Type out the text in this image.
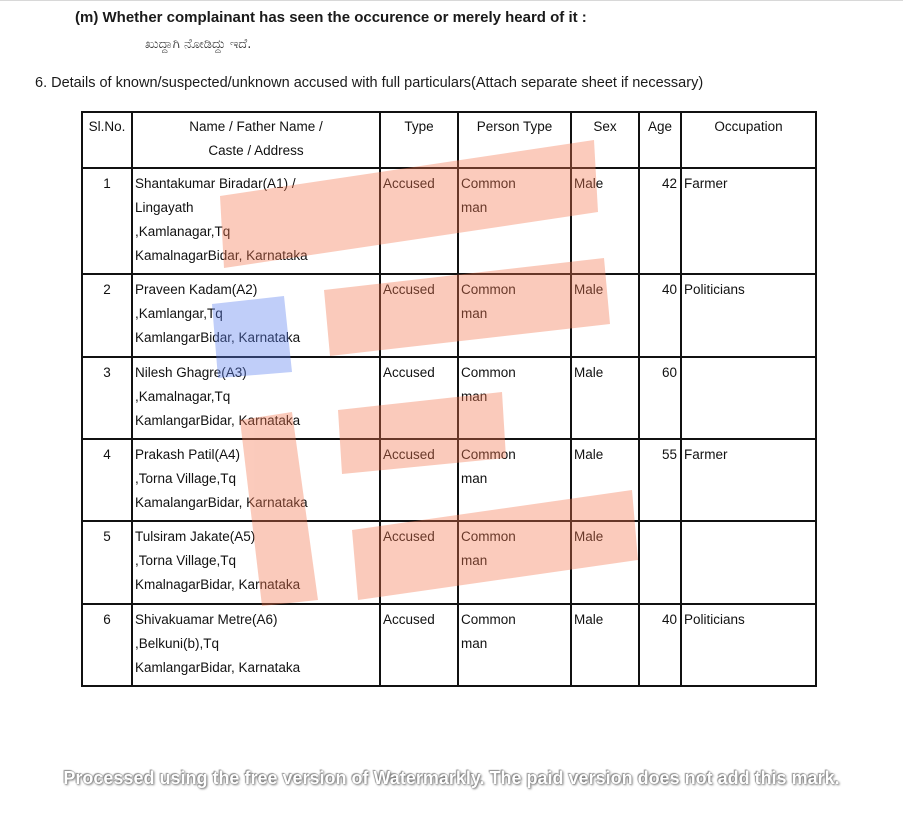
(m) Whether complainant has seen the occurence or merely heard of it :
ಖುದ್ದಾಗಿ ನೋಡಿದ್ದು ಇದೆ.
6. Details of known/suspected/unknown accused with full particulars(Attach separate sheet if necessary)
Sl.No.	Name / Father Name /
Caste / Address	Type	Person Type	Sex	Age	Occupation
1	Shantakumar Biradar(A1) /
Lingayath
,Kamlanagar,Tq
KamalnagarBidar, Karnataka	Accused	Common
man	Male	42	Farmer
2	Praveen Kadam(A2)
,Kamlangar,Tq
KamlangarBidar, Karnataka	Accused	Common
man	Male	40	Politicians
3	Nilesh Ghagre(A3)
,Kamalnagar,Tq
KamlangarBidar, Karnataka	Accused	Common
man	Male	60	
4	Prakash Patil(A4)
,Torna Village,Tq
KamalangarBidar, Karnataka	Accused	Common
man	Male	55	Farmer
5	Tulsiram Jakate(A5)
,Torna Village,Tq
KmalnagarBidar, Karnataka	Accused	Common
man	Male		
6	Shivakuamar Metre(A6)
,Belkuni(b),Tq
KamlangarBidar, Karnataka	Accused	Common
man	Male	40	Politicians
Processed using the free version of Watermarkly. The paid version does not add this mark.
